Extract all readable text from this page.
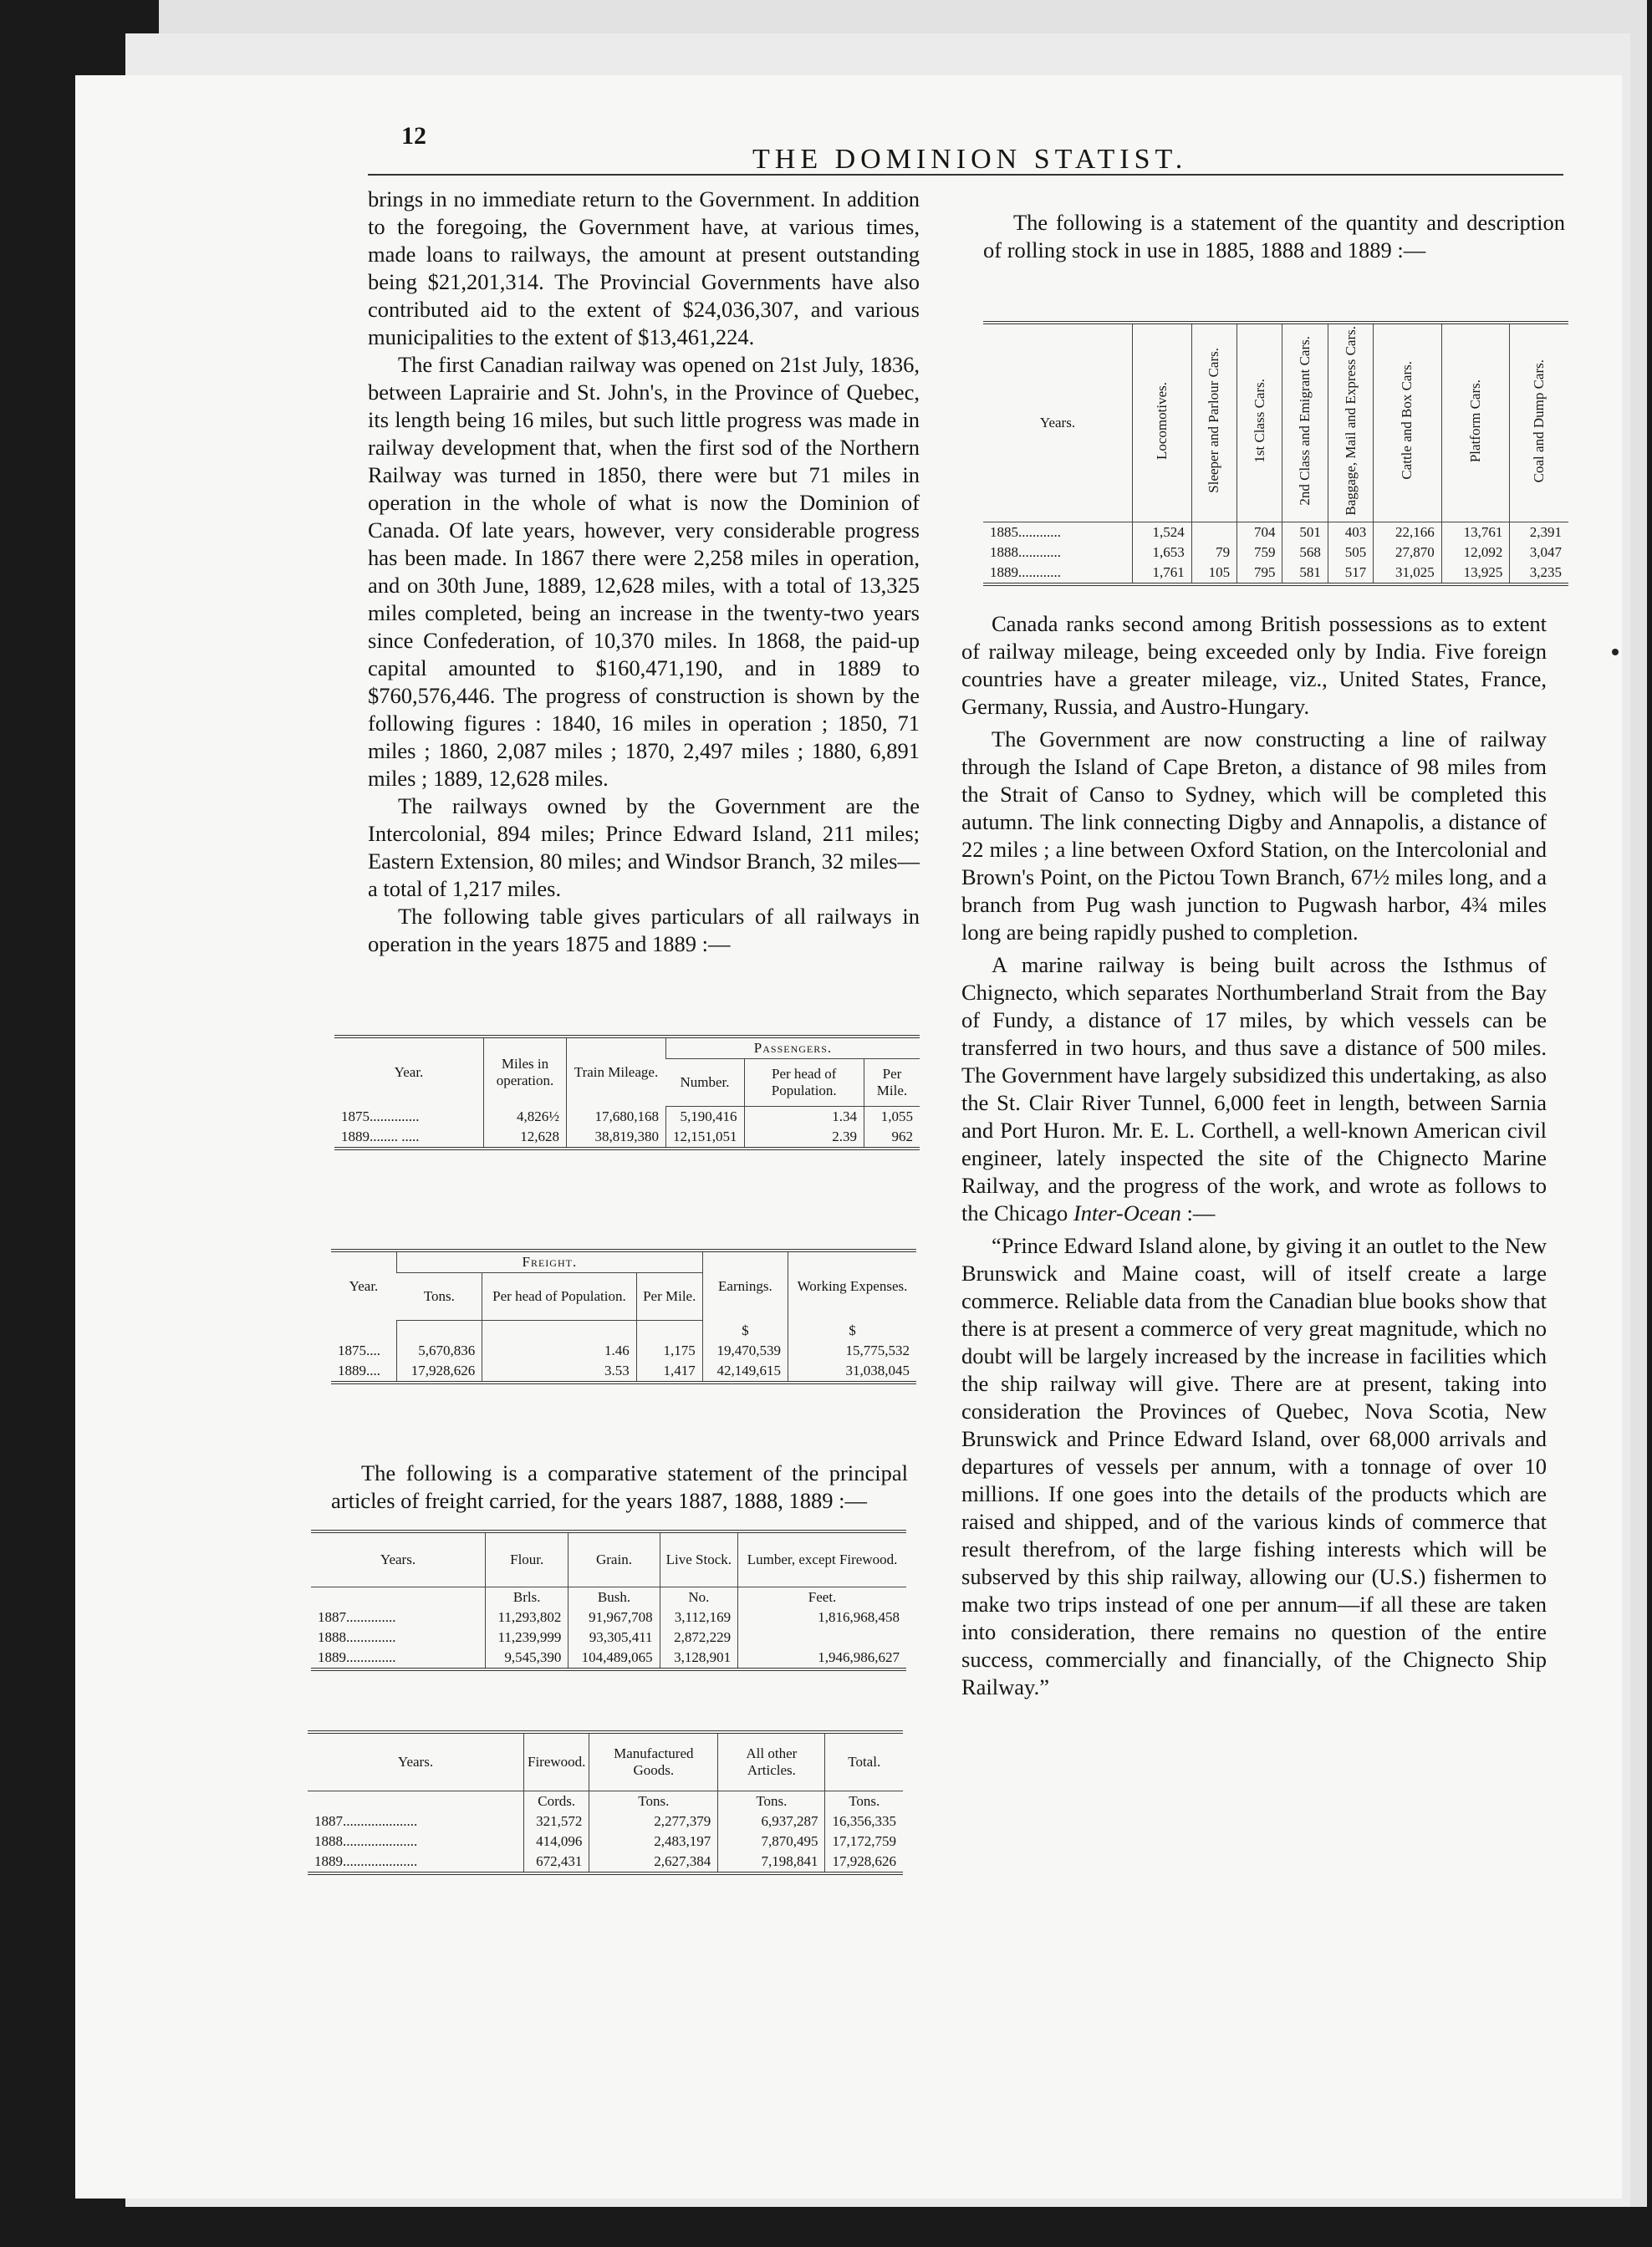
12
THE DOMINION STATIST.

brings in no immediate return to the Government. In addition to the foregoing, the Government have, at various times, made loans to railways, the amount at present outstanding being $21,201,314. The Provincial Governments have also contributed aid to the extent of $24,036,307, and various municipalities to the extent of $13,461,224.

The first Canadian railway was opened on 21st July, 1836, between Laprairie and St. John's, in the Province of Quebec, its length being 16 miles, but such little progress was made in railway development that, when the first sod of the Northern Railway was turned in 1850, there were but 71 miles in operation in the whole of what is now the Dominion of Canada. Of late years, however, very considerable progress has been made. In 1867 there were 2,258 miles in operation, and on 30th June, 1889, 12,628 miles, with a total of 13,325 miles completed, being an increase in the twenty-two years since Confederation, of 10,370 miles. In 1868, the paid-up capital amounted to $160,471,190, and in 1889 to $760,576,446. The progress of construction is shown by the following figures : 1840, 16 miles in operation ; 1850, 71 miles ; 1860, 2,087 miles ; 1870, 2,497 miles ; 1880, 6,891 miles ; 1889, 12,628 miles.

The railways owned by the Government are the Intercolonial, 894 miles; Prince Edward Island, 211 miles; Eastern Extension, 80 miles; and Windsor Branch, 32 miles—a total of 1,217 miles.

The following table gives particulars of all railways in operation in the years 1875 and 1889 :—

Year.	Miles in operation.	Train Mileage.	Passengers.		
			Number.	Per head of Population.	Per Mile.
1875..............	4,826½	17,680,168	5,190,416	1.34	1,055
1889........ .....	12,628	38,819,380	12,151,051	2.39	962
Year.	Freight.			Earnings.	Working Expenses.
	Tons.	Per head of Population.	Per Mile.		
				$	$
1875....	5,670,836	1.46	1,175	19,470,539	15,775,532
1889....	17,928,626	3.53	1,417	42,149,615	31,038,045

The following is a comparative statement of the principal articles of freight carried, for the years 1887, 1888, 1889 :—

Years.	Flour.	Grain.	Live Stock.	Lumber, except Firewood.
	Brls.	Bush.	No.	Feet.
1887..............	11,293,802	91,967,708	3,112,169	1,816,968,458
1888..............	11,239,999	93,305,411	2,872,229	
1889..............	9,545,390	104,489,065	3,128,901	1,946,986,627
Years.	Firewood.	Manufactured Goods.	All other Articles.	Total.
	Cords.	Tons.	Tons.	Tons.
1887.....................	321,572	2,277,379	6,937,287	16,356,335
1888.....................	414,096	2,483,197	7,870,495	17,172,759
1889.....................	672,431	2,627,384	7,198,841	17,928,626

The following is a statement of the quantity and description of rolling stock in use in 1885, 1888 and 1889 :—

Years.	Locomotives.	Sleeper and Parlour Cars.	1st Class Cars.	2nd Class and Emigrant Cars.	Baggage, Mail and Express Cars.	Cattle and Box Cars.	Platform Cars.	Coal and Dump Cars.
1885............	1,524		704	501	403	22,166	13,761	2,391
1888............	1,653	79	759	568	505	27,870	12,092	3,047
1889............	1,761	105	795	581	517	31,025	13,925	3,235

Canada ranks second among British possessions as to extent of railway mileage, being exceeded only by India. Five foreign countries have a greater mileage, viz., United States, France, Germany, Russia, and Austro-Hungary.

The Government are now constructing a line of railway through the Island of Cape Breton, a distance of 98 miles from the Strait of Canso to Sydney, which will be completed this autumn. The link connecting Digby and Annapolis, a distance of 22 miles ; a line between Oxford Station, on the Intercolonial and Brown's Point, on the Pictou Town Branch, 67½ miles long, and a branch from Pug wash junction to Pugwash harbor, 4¾ miles long are being rapidly pushed to completion.

A marine railway is being built across the Isthmus of Chignecto, which separates Northumberland Strait from the Bay of Fundy, a distance of 17 miles, by which vessels can be transferred in two hours, and thus save a distance of 500 miles. The Government have largely subsidized this undertaking, as also the St. Clair River Tunnel, 6,000 feet in length, between Sarnia and Port Huron. Mr. E. L. Corthell, a well-known American civil engineer, lately inspected the site of the Chignecto Marine Railway, and the progress of the work, and wrote as follows to the Chicago Inter-Ocean :—

“Prince Edward Island alone, by giving it an outlet to the New Brunswick and Maine coast, will of itself create a large commerce. Reliable data from the Canadian blue books show that there is at present a commerce of very great magnitude, which no doubt will be largely increased by the increase in facilities which the ship railway will give. There are at present, taking into consideration the Provinces of Quebec, Nova Scotia, New Brunswick and Prince Edward Island, over 68,000 arrivals and departures of vessels per annum, with a tonnage of over 10 millions. If one goes into the details of the products which are raised and shipped, and of the various kinds of commerce that result therefrom, of the large fishing interests which will be subserved by this ship railway, allowing our (U.S.) fishermen to make two trips instead of one per annum—if all these are taken into consideration, there remains no question of the entire success, commercially and financially, of the Chignecto Ship Railway.”
